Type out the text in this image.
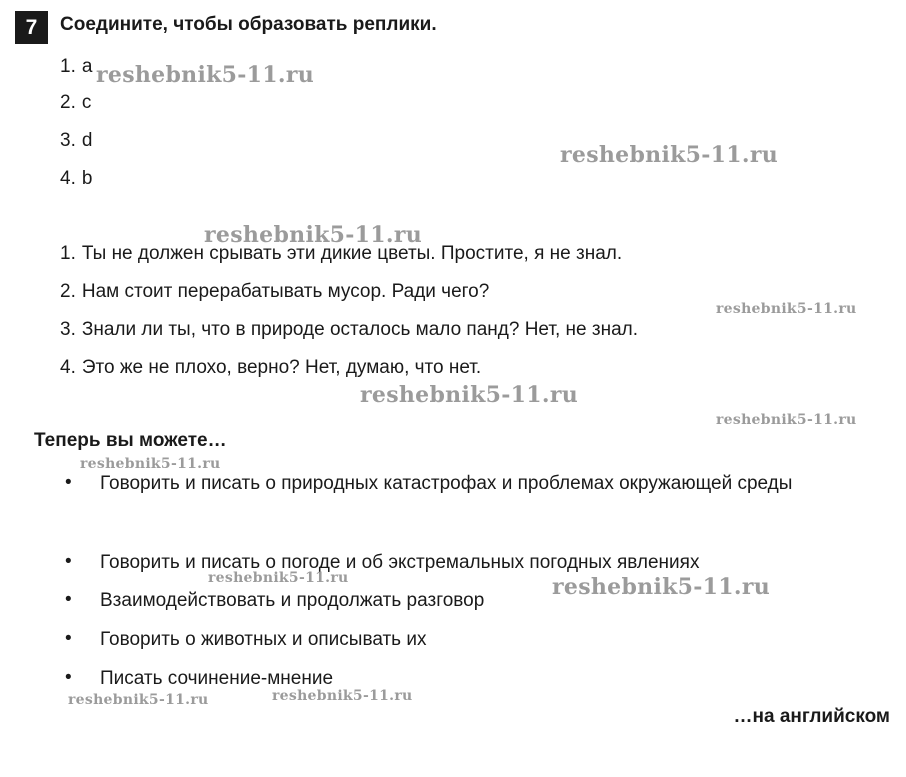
7	Соедините, чтобы образовать реплики.
1. a
2. c
3. d
4. b
1. Ты не должен срывать эти дикие цветы. Простите, я не знал.
2. Нам стоит перерабатывать мусор. Ради чего?
3. Знали ли ты, что в природе осталось мало панд? Нет, не знал.
4. Это же не плохо, верно? Нет, думаю, что нет.
Теперь вы можете…
• Говорить и писать о природных катастрофах и проблемах окружающей среды
• Говорить и писать о погоде и об экстремальных погодных явлениях
• Взаимодействовать и продолжать разговор
• Говорить о животных и описывать их
• Писать сочинение-мнение
…на английском
reshebnik5-11.ru
reshebnik5-11.ru
reshebnik5-11.ru
reshebnik5-11.ru
reshebnik5-11.ru
reshebnik5-11.ru
reshebnik5-11.ru
reshebnik5-11.ru	reshebnik5-11.ru
reshebnik5-11.ru	reshebnik5-11.ru
